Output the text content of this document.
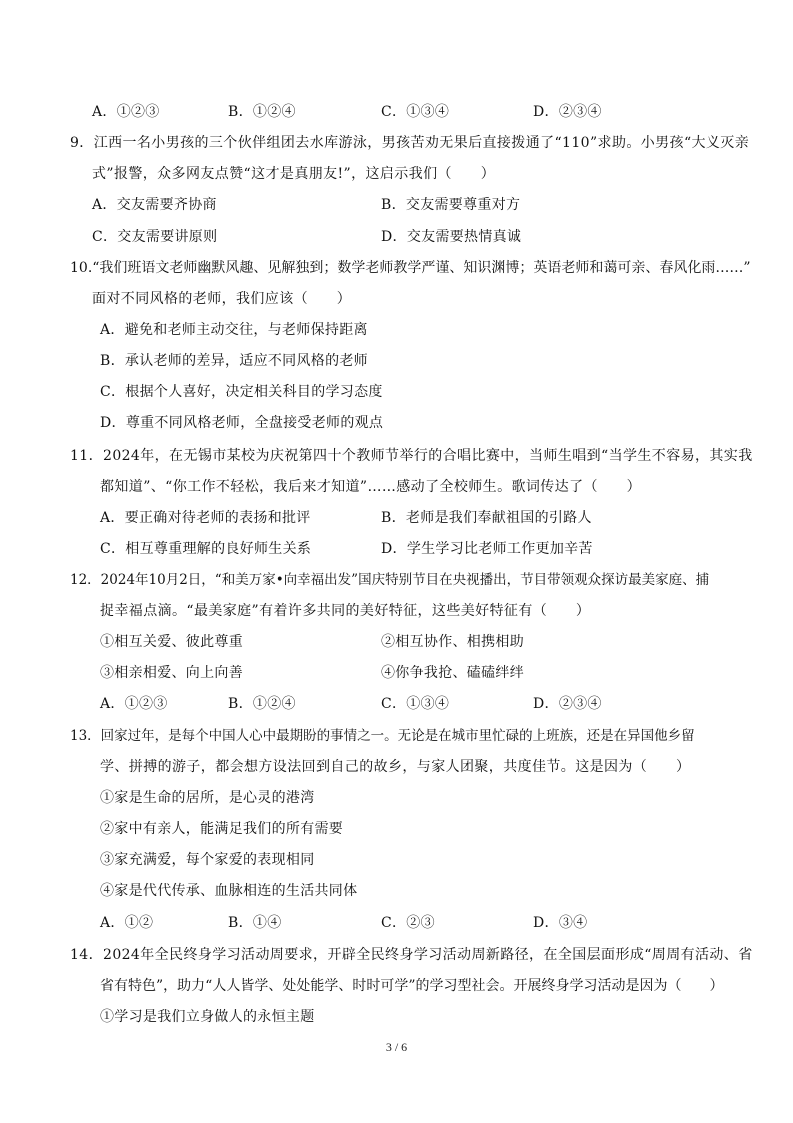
A．①②③	B．①②④	C．①③④	D．②③④
9．江西一名小男孩的三个伙伴组团去水库游泳，男孩苦劝无果后直接拨通了“110”求助。小男孩“大义灭亲
式”报警，众多网友点赞“这才是真朋友!”，这启示我们（　　）
A．交友需要齐协商	B．交友需要尊重对方
C．交友需要讲原则	D．交友需要热情真诚
10.“我们班语文老师幽默风趣、见解独到；数学老师教学严谨、知识渊博；英语老师和蔼可亲、春风化雨……”
面对不同风格的老师，我们应该（　　）
A．避免和老师主动交往，与老师保持距离
B．承认老师的差异，适应不同风格的老师
C．根据个人喜好，决定相关科目的学习态度
D．尊重不同风格老师，全盘接受老师的观点
11．2024年，在无锡市某校为庆祝第四十个教师节举行的合唱比赛中，当师生唱到“当学生不容易，其实我
都知道”、“你工作不轻松，我后来才知道”……感动了全校师生。歌词传达了（　　）
A．要正确对待老师的表扬和批评	B．老师是我们奉献祖国的引路人
C．相互尊重理解的良好师生关系	D．学生学习比老师工作更加辛苦
12．2024年10月2日，“和美万家•向幸福出发”国庆特别节目在央视播出，节目带领观众探访最美家庭、捕
捉幸福点滴。“最美家庭”有着许多共同的美好特征，这些美好特征有（　　）
①相互关爱、彼此尊重	②相互协作、相携相助
③相亲相爱、向上向善	④你争我抢、磕磕绊绊
A．①②③	B．①②④	C．①③④	D．②③④
13．回家过年，是每个中国人心中最期盼的事情之一。无论是在城市里忙碌的上班族，还是在异国他乡留
学、拼搏的游子，都会想方设法回到自己的故乡，与家人团聚，共度佳节。这是因为（　　）
①家是生命的居所，是心灵的港湾
②家中有亲人，能满足我们的所有需要
③家充满爱，每个家爱的表现相同
④家是代代传承、血脉相连的生活共同体
A．①②	B．①④	C．②③	D．③④
14．2024年全民终身学习活动周要求，开辟全民终身学习活动周新路径，在全国层面形成“周周有活动、省
省有特色”，助力“人人皆学、处处能学、时时可学”的学习型社会。开展终身学习活动是因为（　　）
①学习是我们立身做人的永恒主题
3 / 6
